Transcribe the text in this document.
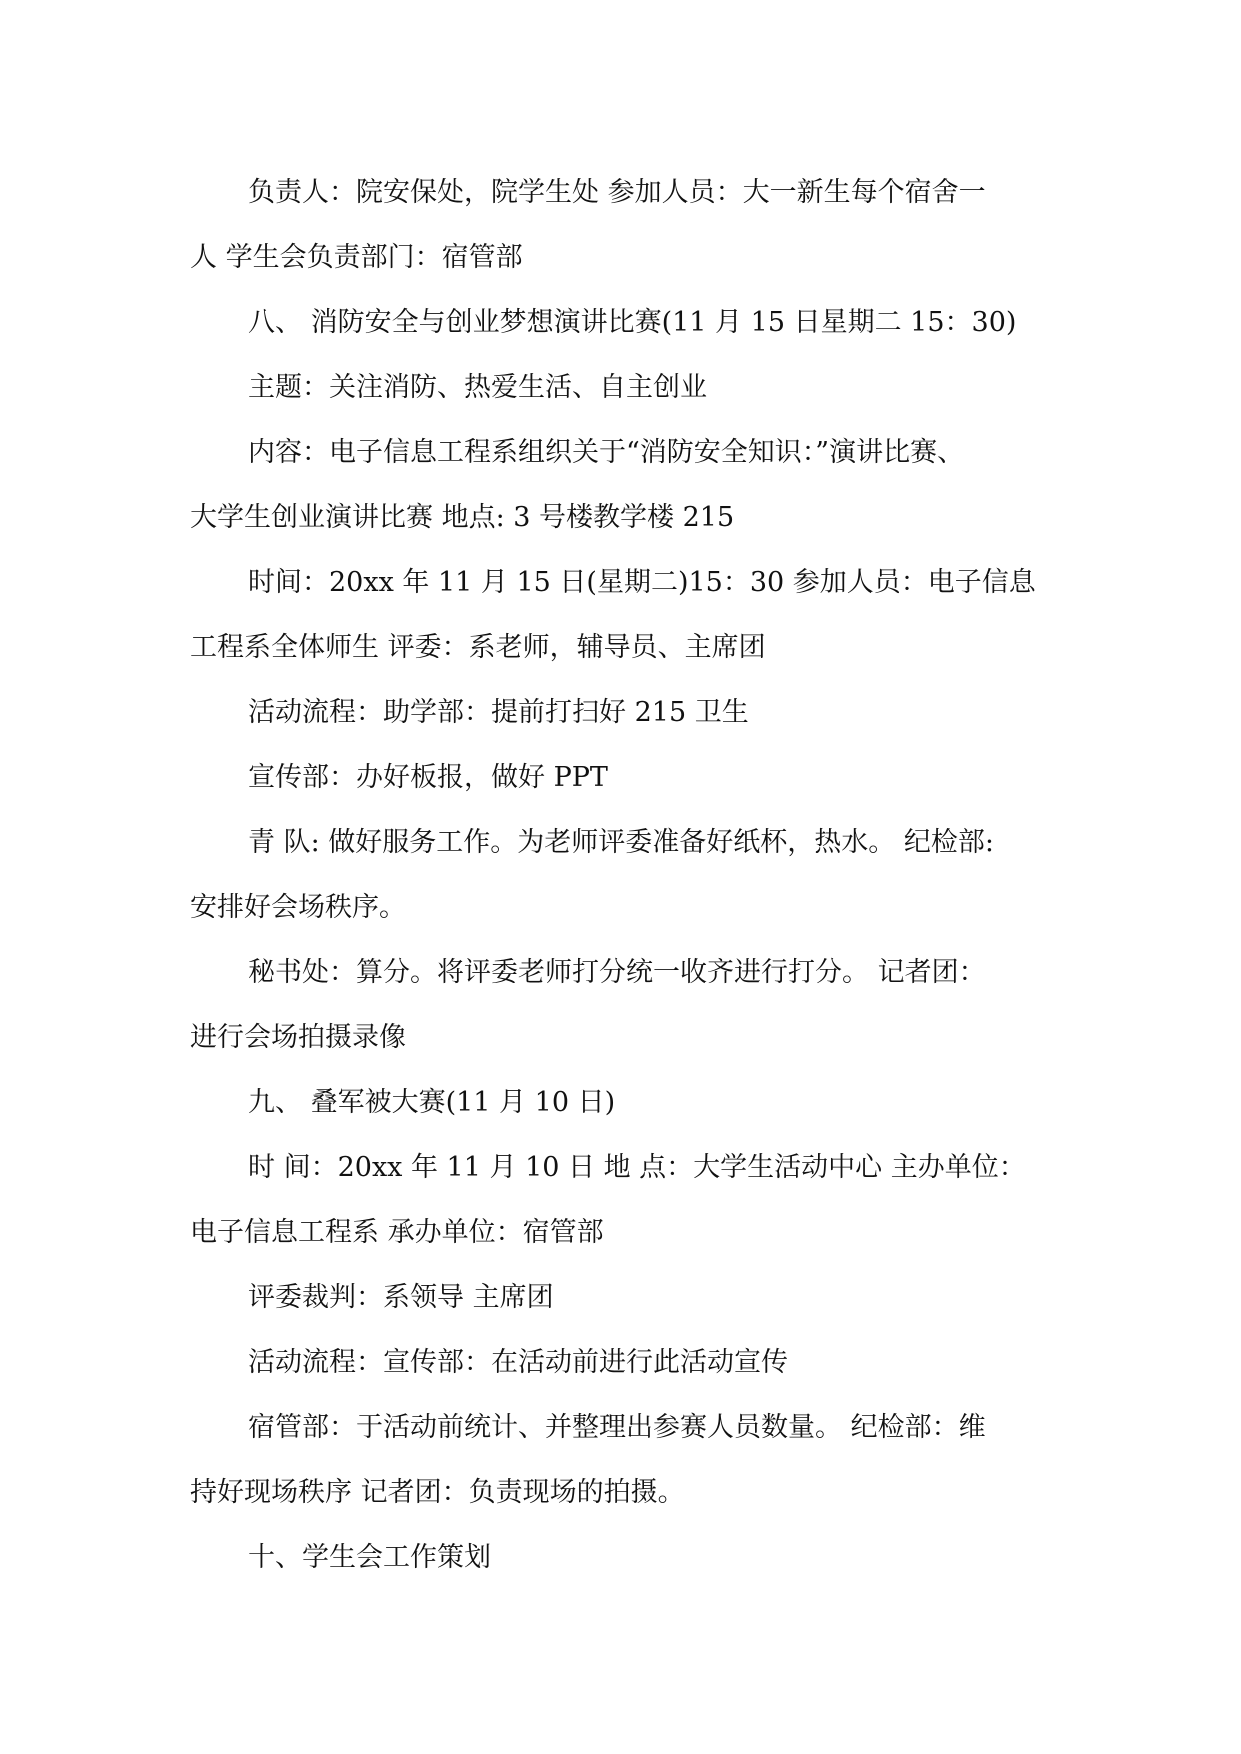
负责人：院安保处，院学生处 参加人员：大一新生每个宿舍一
人 学生会负责部门：宿管部
八、 消防安全与创业梦想演讲比赛(11 月 15 日星期二 15：30)
主题：关注消防、热爱生活、自主创业
内容：电子信息工程系组织关于“消防安全知识：”演讲比赛、
大学生创业演讲比赛 地点: 3 号楼教学楼 215
时间：20xx 年 11 月 15 日(星期二)15：30 参加人员：电子信息
工程系全体师生 评委：系老师，辅导员、主席团
活动流程：助学部：提前打扫好 215 卫生
宣传部：办好板报，做好 PPT
青 队: 做好服务工作。为老师评委准备好纸杯，热水。 纪检部:
安排好会场秩序。
秘书处：算分。将评委老师打分统一收齐进行打分。 记者团：
进行会场拍摄录像
九、 叠军被大赛(11 月 10 日)
时 间：20xx 年 11 月 10 日 地 点：大学生活动中心 主办单位：
电子信息工程系 承办单位：宿管部
评委裁判：系领导 主席团
活动流程：宣传部：在活动前进行此活动宣传
宿管部：于活动前统计、并整理出参赛人员数量。 纪检部：维
持好现场秩序 记者团：负责现场的拍摄。
十、学生会工作策划
